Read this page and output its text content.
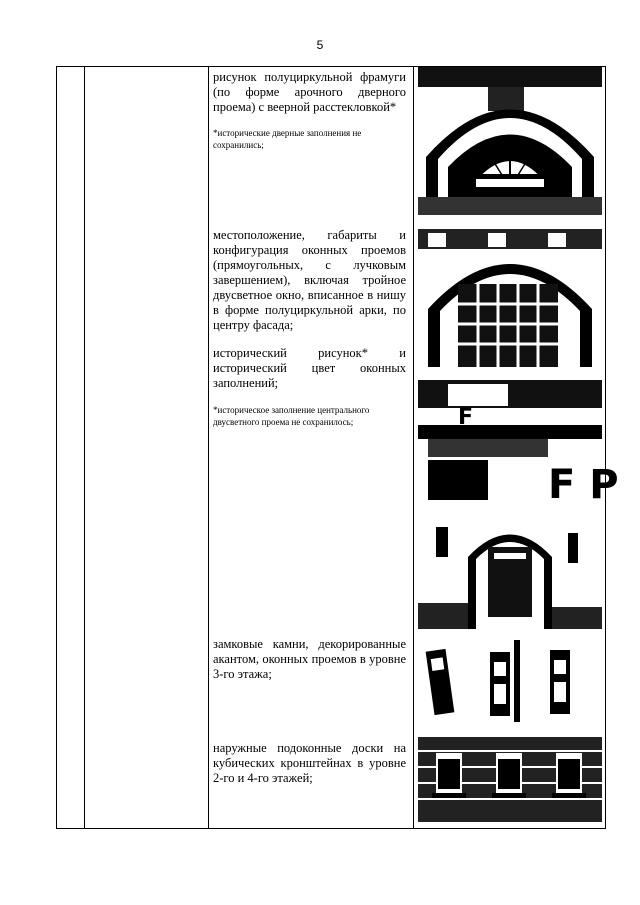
5
рисунок полуциркульной фрамуги (по форме арочного дверного проема) с веерной расстекловкой*
*исторические дверные заполнения не сохранились;
местоположение, габариты и конфигурация оконных проемов (прямоугольных, с лучковым завершением), включая тройное двусветное окно, вписанное в нишу в форме полуциркульной арки, по центру фасада;
исторический рисунок* и исторический цвет оконных заполнений;
*историческое заполнение центрального двусветного проема не сохранилось;
замковые камни, декорированные акантом, оконных проемов в уровне 3-го этажа;
наружные подоконные доски на кубических кронштейнах в уровне 2-го и 4-го этажей;
F P
F
